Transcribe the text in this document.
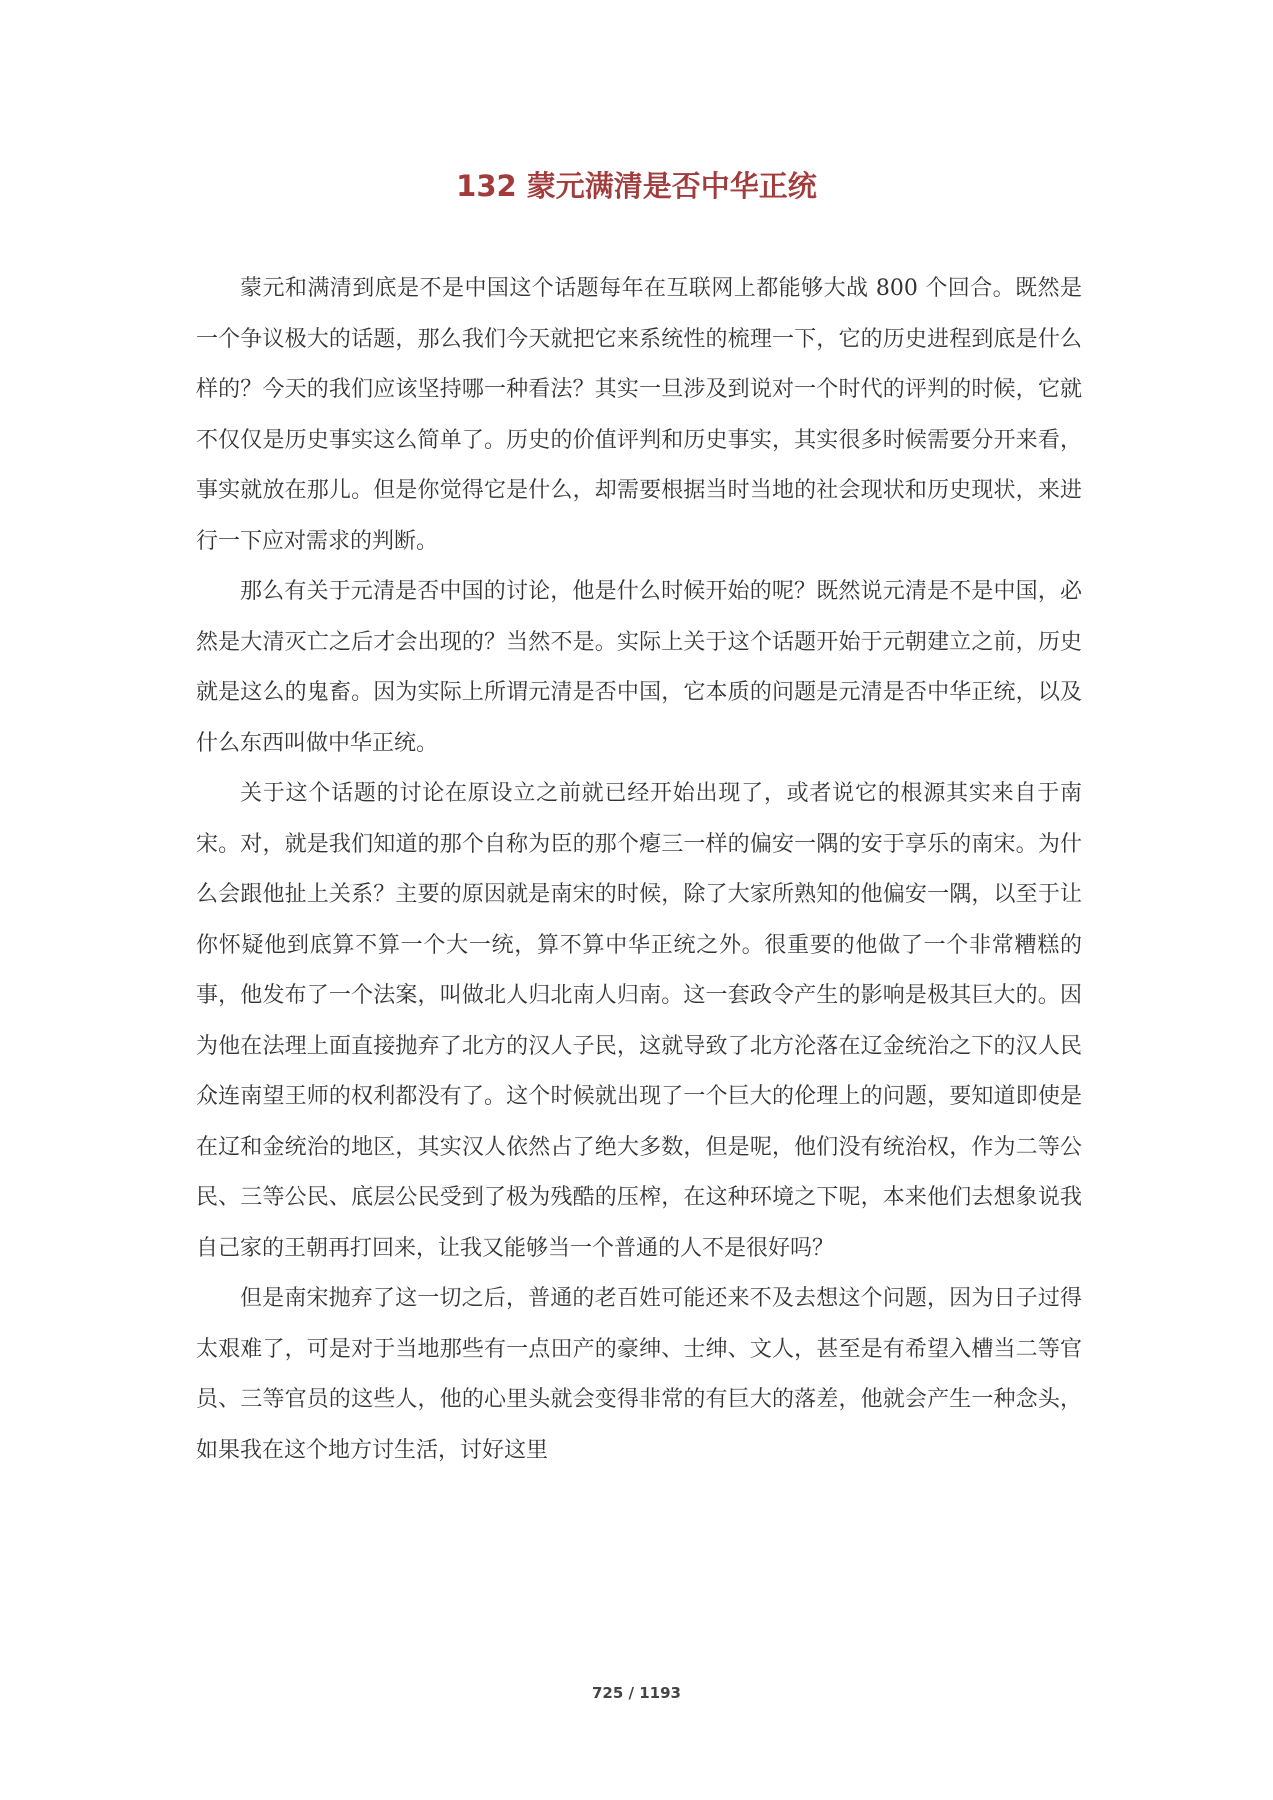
132 蒙元满清是否中华正统

蒙元和满清到底是不是中国这个话题每年在互联网上都能够大战 800 个回合。既然是一个争议极大的话题，那么我们今天就把它来系统性的梳理一下，它的历史进程到底是什么样的？今天的我们应该坚持哪一种看法？其实一旦涉及到说对一个时代的评判的时候，它就不仅仅是历史事实这么简单了。历史的价值评判和历史事实，其实很多时候需要分开来看，事实就放在那儿。但是你觉得它是什么，却需要根据当时当地的社会现状和历史现状，来进行一下应对需求的判断。

那么有关于元清是否中国的讨论，他是什么时候开始的呢？既然说元清是不是中国，必然是大清灭亡之后才会出现的？当然不是。实际上关于这个话题开始于元朝建立之前，历史就是这么的鬼畜。因为实际上所谓元清是否中国，它本质的问题是元清是否中华正统，以及什么东西叫做中华正统。

关于这个话题的讨论在原设立之前就已经开始出现了，或者说它的根源其实来自于南宋。对，就是我们知道的那个自称为臣的那个瘪三一样的偏安一隅的安于享乐的南宋。为什么会跟他扯上关系？主要的原因就是南宋的时候，除了大家所熟知的他偏安一隅，以至于让你怀疑他到底算不算一个大一统，算不算中华正统之外。很重要的他做了一个非常糟糕的事，他发布了一个法案，叫做北人归北南人归南。这一套政令产生的影响是极其巨大的。因为他在法理上面直接抛弃了北方的汉人子民，这就导致了北方沦落在辽金统治之下的汉人民众连南望王师的权利都没有了。这个时候就出现了一个巨大的伦理上的问题，要知道即使是在辽和金统治的地区，其实汉人依然占了绝大多数，但是呢，他们没有统治权，作为二等公民、三等公民、底层公民受到了极为残酷的压榨，在这种环境之下呢，本来他们去想象说我自己家的王朝再打回来，让我又能够当一个普通的人不是很好吗？

但是南宋抛弃了这一切之后，普通的老百姓可能还来不及去想这个问题，因为日子过得太艰难了，可是对于当地那些有一点田产的豪绅、士绅、文人，甚至是有希望入槽当二等官员、三等官员的这些人，他的心里头就会变得非常的有巨大的落差，他就会产生一种念头，如果我在这个地方讨生活，讨好这里

725 / 1193
